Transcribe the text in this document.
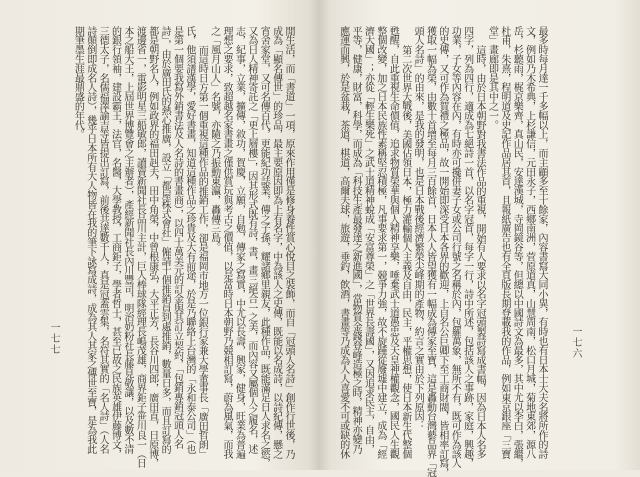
閒生活，而「書道」一項，原來作用僅是修身養性賞心悅目之裝飾，而自「冠頭人名詩」創作行世後，乃
成為「顯名傳世」的珍品，最主要原因即為上有名字，中為該人之史傳，既能以名成詩，以詩紀傳，懸之
宵舍家堂，又可名傳百代，更能紀功誌業，傳之子孫，耀諸鄉里親友，此種作品，既能滿足日人求名之慾，
又為日人精神寄託之「更上層樓」，因其形式既有詩，書，畫三絕合一之美，而內容又屬個人之履名，述
志，紀事，立業，擴傳，敘功，賀慶，立願，自勉，傳家之寫實，中尤以長壽，興家，健身，旺業為普遍
理想之要求，致超越名家書畫之僅供賞玩與考古之價值，以是當時日本朝野乃競相訂寫，蔚為風氣，而我
之「風月山人」名號，亦隨之乃振動東瀛，轟傳三島。
而這時日方第一個重視這種作品的推銷工作，卻是福岡市地方一位銀行家兼大學董事長「廣田哲朗」
氏，他須譜漢學，愛好書畫，知道這種作品之珍貴及大有前途，於是乃聯絡上台灣的「永和泰公司」（也
是第一個要我寫外銷書法及人名詩的書畫商），以四十萬美元的訂金與其訂立契約，「包銷專銷冠頭人名
詩」，由於廣田氏的熱心推廣，設立「都屋株式會社」僱請十個推銷員到處推銷，數量日多，而且訂寫的
都是朝野名人，例如政界的福田赳夫，田中角榮，中曾根康弘，大平正芳，長谷川四郎，廣田直，日原博，
渡邊省一，電影明星三船敏郎，讀賣新聞社長品川主計，巨人棒球隊經理長嶋茂雄，商界鉅子笹川良一（日
本之船大王，上屆世界博覽會之主辦者），產經新聞社長內川豐司，明治奶粉社長藤見敬讓，以及數不清
的銀行領袖，建設霸王，法官，名醫，大學教授，工商鉅子，學者哲士，甚至已故之民族英雄伊藤博文，
三德太子，名儒福澤諭吉等皆提出訂寫，前後共達數千人，真是冠蓋雲集，名符其實的「名人詩」（人名
詩顛倒即成名人詩），幾乎日本所有大人物皆在我的筆下詠寫成詩，成為其人其家之傳世至寶，是為我此
期筆墨生涯最鼎盛的年代。
一七七	最多時每月達一千多幅以上，而主顧多至十餘家，內容書寫大同小異，有時也有日本士大夫名將所作的詩
文，例如乃木希典，上杉謙信，元田永子，西鄉南洲，菅原道真，山慧周南，松口月城，菊地東郊，源八
岳，杉聽雨，梶京樂齊，真山民，安達漢城，寺岡鏡谷等，但總以中國詩文為最多，其中尤以李白，張繼，
杜甫，朱熹，程明道及史記作品居其首，且報紙廣告也有全頁版長期登載我的作品，例如東京銀座「三寶
堂」畫廊即是其中之一。
這時，由於日本朝野對我書法作品的重視，開始有人要求以名字冠頭製詩寫成書幅，因為日本人名多
四字，列為四行，適成為七絕詩一首，以名字冠首，每字一行，詩中所述，包括該人之事跡，家庭，興趣，
功業，子女等內容在內，有時亦可攙併妻子女或公司行號之名稱於內，包羅萬象，無所不有，既可作為該人
的史傳，又可作為賀禮之極品，故一開始即深受日本各界的歡迎，上自名公巨卿下至工商財閥，皆相率訂寫，
獲取一幅為榮，由數十首增至每月三百餘首，日本人人皆望獲有一幅成為傳家至寶，這是轟動台灣藝品界「冠
頭人名詩」的由來，是我的發明，也是日本戰後經濟繁榮尖峰期的產物，約言之實由於下列原因：
第二次世界大戰後，美國佔領日本，極力灌輸個人主義及自由，民主，平權思想，使日本新生代整個
甦醒，自此重視生命價值，追求物質榮華與個人精神享樂，唾棄武士道愚忠及天皇神權觀念，國民人生觀
整個改變，加之日本民族性素稱堅忍積極，凡事要求第一，競爭力強，故不旋踵從廢墟中建立，成為「經
濟大國」；亦從「輕生樂死」之武士道精神蛻成「安富尊榮」之「世界長壽國」，又因追求民主，自由，
平等，健康，財富，科學，而成為「科技生產最發達之新進國」，當物質金錢登峰造極之時，精神亦變乃
應運而興，於是盆栽，茶道，棋道，高爾夫球，旅遊，垂釣，飲酒，書畫等乃成為人人喜愛不可或缺的休	一七六
